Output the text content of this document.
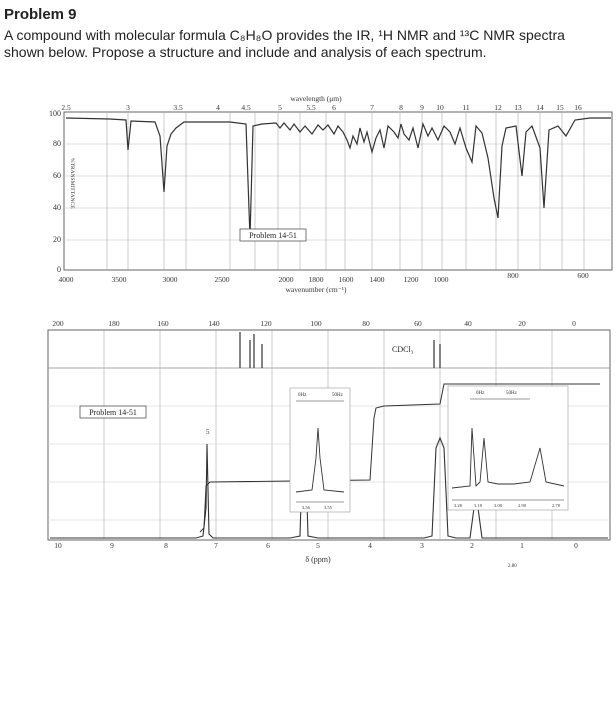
Problem 9
A compound with molecular formula C₈H₈O provides the IR, ¹H NMR and ¹³C NMR spectra
shown below. Propose a structure and include and analysis of each spectrum.
100
80
60
40
20
0
4000	3500	3000	2500	2000 1800 1600 1400	1200 1000	800	600
wavenumber (cm⁻¹)
2.5	3	3.5	4	4.5	5	5.5 6	7	8 9 10 11	12 13 14 15 16
wavelength (μm)
%TRANSMITTANCE
Problem 14-51
200	180	160	140	120	100	80	60	40	20	0
CDCl₃
Problem 14-51
5
0Hz	50Hz
3.56	3.55
0Hz	50Hz
3.28	3.18	3.08	2.98	2.78
10	9	8	7	6	5	4	3	2	1	0
δ (ppm)
2.80
